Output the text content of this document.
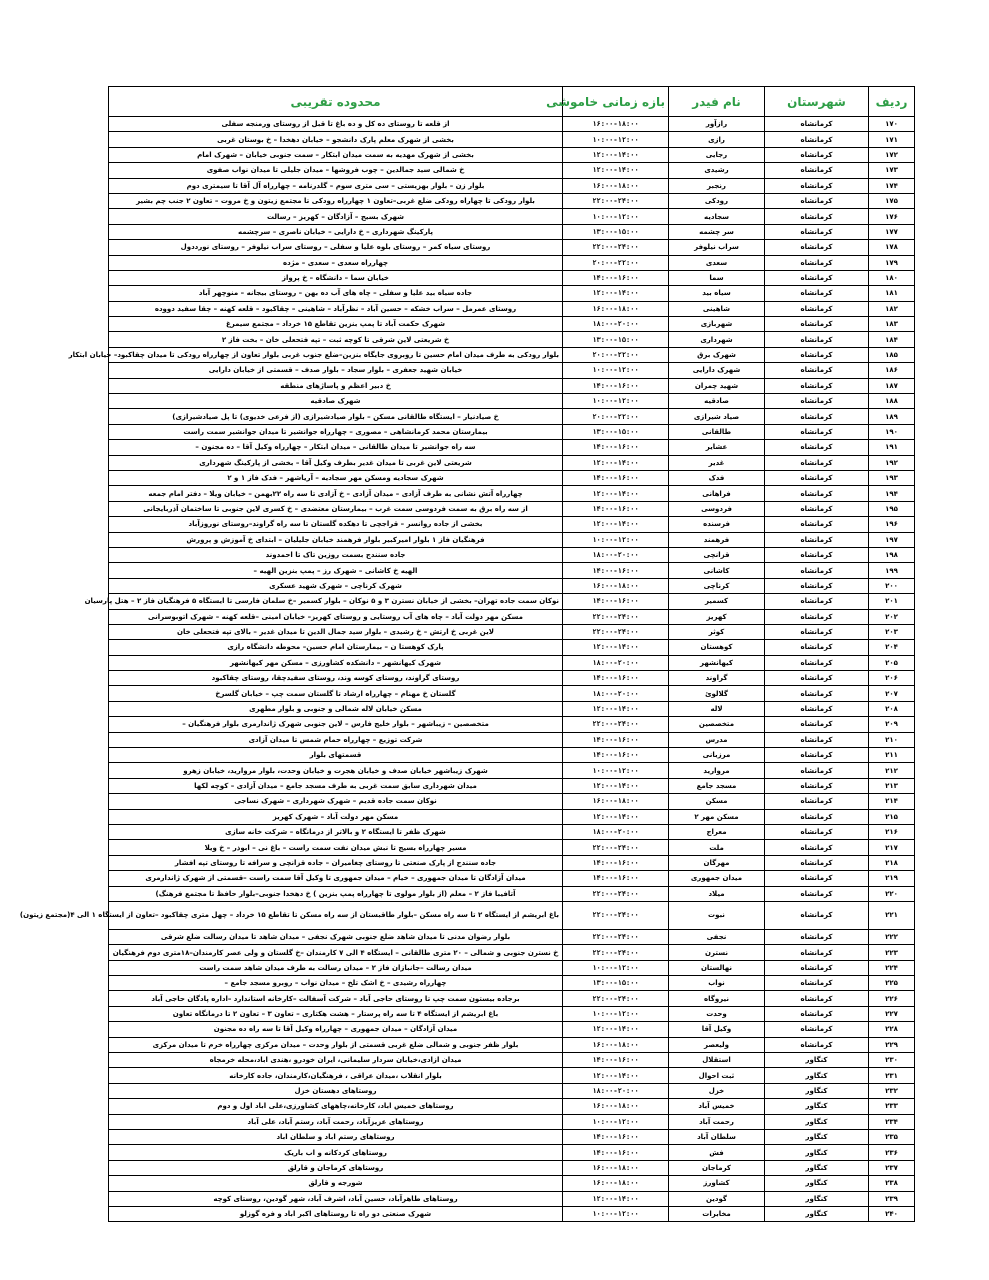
ردیف	شهرستان	نام فیدر	بازه زمانی خاموشی	محدوده تقریبی
۱۷۰	کرمانشاه	رازآور	۱۶:۰۰-۱۸:۰۰	از قلعه تا روستای ده کل و ده باغ تا قبل از روستای ورمنجه سفلی
۱۷۱	کرمانشاه	رازی	۱۰:۰۰-۱۲:۰۰	بخشی از شهرک معلم پارک دانشجو – خیابان دهخدا – خ بوستان غربی
۱۷۲	کرمانشاه	رجایی	۱۲:۰۰-۱۴:۰۰	بخشی از شهرک مهدیه به سمت میدان ابتکار – سمت جنوبی خیابان – شهرک امام
۱۷۳	کرمانشاه	رشیدی	۱۲:۰۰-۱۴:۰۰	خ شمالی سید جمالدین – چوب فروشها – میدان جلیلی تا میدان نواب صفوی
۱۷۴	کرمانشاه	رنجبر	۱۶:۰۰-۱۸:۰۰	بلوار زن – بلوار بهزیستی – سی متری سوم – گلدرنامه – چهارراه آل آقا تا سیمتری دوم
۱۷۵	کرمانشاه	رودکی	۲۲:۰۰-۲۴:۰۰	بلوار رودکی تا چهاراه رودکی ضلع غربی–تعاون ۱ چهارراه رودکی تا مجتمع زیتون و خ مروت – تعاون ۲ جنب چم بشیر
۱۷۶	کرمانشاه	سجادیه	۱۰:۰۰-۱۲:۰۰	شهرک بسیج – آزادگان – کهریز – رسالت
۱۷۷	کرمانشاه	سر چشمه	۱۳:۰۰-۱۵:۰۰	پارکینگ شهرداری – خ دارایی – خیابان ناصری – سرچشمه
۱۷۸	کرمانشاه	سراب نیلوفر	۲۲:۰۰-۲۴:۰۰	روستای سیاه کمر – روستای بلوه علیا و سفلی – روستای سراب نیلوفر – روستای نورددول
۱۷۹	کرمانشاه	سعدی	۲۰:۰۰-۲۲:۰۰	چهارراه سعدی – سعدی – مژده
۱۸۰	کرمانشاه	سما	۱۴:۰۰-۱۶:۰۰	خیابان سما – دانشگاه – خ پرواز
۱۸۱	کرمانشاه	سیاه بید	۱۲:۰۰-۱۴:۰۰	جاده سیاه بید علیا و سفلی – چاه های آب ده بهن – روستای بیجانه – منوچهر آباد
۱۸۲	کرمانشاه	شاهینی	۱۶:۰۰-۱۸:۰۰	روستای عمرمل – سراب خشکه – حسین آباد – نظرآباد – شاهینی – چقاکبود – قلعه کهنه – چقا سفید دووده
۱۸۳	کرمانشاه	شهربازی	۱۸:۰۰-۲۰:۰۰	شهرک حکمت آباد تا پمپ بنزین تقاطع ۱۵ خرداد – مجتمع سیمرغ
۱۸۴	کرمانشاه	شهرداری	۱۳:۰۰-۱۵:۰۰	خ شریعتی لاین شرقی تا کوچه ثبت – تپه فتحعلی خان – بخت فاز ۲
۱۸۵	کرمانشاه	شهرک برق	۲۰:۰۰-۲۲:۰۰	بلوار رودکی به طرف میدان امام حسین تا روبروی جایگاه بنزین–ضلع جنوب غربی بلوار تعاون از چهارراه رودکی تا میدان چقاکبود– خیابان ابتکار
۱۸۶	کرمانشاه	شهرک دارایی	۱۰:۰۰-۱۲:۰۰	خیابان شهید جعفری – بلوار سجاد – بلوار صدف – قسمتی از خیابان دارایی
۱۸۷	کرمانشاه	شهید چمران	۱۴:۰۰-۱۶:۰۰	خ دبیر اعظم و پاساژهای منطقه
۱۸۸	کرمانشاه	صادقیه	۱۰:۰۰-۱۲:۰۰	شهرک صادقیه
۱۸۹	کرمانشاه	صیاد شیرازی	۲۰:۰۰-۲۲:۰۰	خ صیادنیار – ایستگاه طالقانی مسکن – بلوار صیادشیرازی (از فرعی خدیوی) تا پل صیادشیرازی)
۱۹۰	کرمانشاه	طالقانی	۱۳:۰۰-۱۵:۰۰	بیمارستان محمد کرمانشاهی – مصوری – چهارراه جوانشیر تا میدان جوانشیر سمت راست
۱۹۱	کرمانشاه	عشایر	۱۴:۰۰-۱۶:۰۰	سه راه جوانشیر تا میدان طالقانی – میدان ابتکار – چهارراه وکیل آقا – ده مجنون –
۱۹۲	کرمانشاه	غدیر	۱۲:۰۰-۱۴:۰۰	شریعتی لاین غربی تا میدان غدیر بطرف وکیل آقا – بخشی از پارکینگ شهرداری
۱۹۳	کرمانشاه	فدک	۱۴:۰۰-۱۶:۰۰	شهرک سجادیه ومسکن مهر سجادیه – آریاشهر – فدک فاز ۱ و ۲
۱۹۴	کرمانشاه	فراهانی	۱۲:۰۰-۱۴:۰۰	چهارراه آتش نشانی به طرف آزادی – میدان آزادی – خ آزادی تا سه راه ۲۲بهمن – خیابان ویلا – دفتر امام جمعه
۱۹۵	کرمانشاه	فردوسی	۱۴:۰۰-۱۶:۰۰	از سه راه برق به سمت فردوسی سمت غرب – بیمارستان معتضدی – خ کسری لاین جنوبی تا ساختمان آذربایجانی
۱۹۶	کرمانشاه	فرسنده	۱۲:۰۰-۱۴:۰۰	بخشی از جاده روانسر – قراجچی تا دهکده گلستان تا سه راه گراوند–روستای نوروزآباد
۱۹۷	کرمانشاه	فرهمند	۱۰:۰۰-۱۲:۰۰	فرهنگیان فاز ۱ بلوار امیرکبیر بلوار فرهمند خیابان جلیلیان – ابتدای خ آموزش و پرورش
۱۹۸	کرمانشاه	قزانچی	۱۸:۰۰-۲۰:۰۰	جاده سنندج بسمت روزین تاک تا احمدوند
۱۹۹	کرمانشاه	کاشانی	۱۴:۰۰-۱۶:۰۰	الهیه خ کاشانی – شهرک رز – پمپ بنزین الهیه –
۲۰۰	کرمانشاه	کرناچی	۱۶:۰۰-۱۸:۰۰	شهرک کرناچی – شهرک شهید عسکری
۲۰۱	کرمانشاه	کسمیر	۱۴:۰۰-۱۶:۰۰	نوکان سمت جاده تهران– بخشی از خیابان نسترن ۳ و ۵ نوکان – بلوار کسمیر –خ سلمان فارسی تا ایستگاه ۵ فرهنگیان فاز ۲ – هتل پارسیان
۲۰۲	کرمانشاه	کهریز	۲۲:۰۰-۲۴:۰۰	مسکن مهر دولت آباد – چاه های آب روستایی و روستای کهریز– خیابان امینی –قلعه کهنه – شهرک اتوبوسرانی
۲۰۳	کرمانشاه	کوثر	۲۲:۰۰-۲۴:۰۰	لاین غربی خ ارتش – خ رشیدی – بلوار سید جمال الدین تا میدان غدیر – بالای تپه فتحعلی خان
۲۰۴	کرمانشاه	کوهستان	۱۲:۰۰-۱۴:۰۰	پارک کوهستا ن – بیمارستان امام حسین– محوطه دانشگاه رازی
۲۰۵	کرمانشاه	کیهانشهر	۱۸:۰۰-۲۰:۰۰	شهرک کیهانشهر – دانشکده کشاورزی – مسکن مهر کیهانشهر
۲۰۶	کرمانشاه	گراوند	۱۴:۰۰-۱۶:۰۰	روستای گراوند، روستای کوسه وند، روستای سفیدچقا، روستای چقاکبود
۲۰۷	کرمانشاه	گلالوئ	۱۸:۰۰-۲۰:۰۰	گلستان خ مهنام – چهارراه ارشاد تا گلستان سمت چپ – خیابان گلسرخ
۲۰۸	کرمانشاه	لاله	۱۲:۰۰-۱۴:۰۰	مسکن خیابان لاله شمالی و جنوبی و بلوار مطهری
۲۰۹	کرمانشاه	متخصصین	۲۲:۰۰-۲۴:۰۰	متخصصین – زیباشهر – بلوار خلیج فارس – لاین جنوبی شهرک ژاندارمری بلوار فرهنگیان –
۲۱۰	کرمانشاه	مدرس	۱۴:۰۰-۱۶:۰۰	شرکت توزیع – چهارراه حمام شمس تا میدان آزادی
۲۱۱	کرمانشاه	مرزبانی	۱۴:۰۰-۱۶:۰۰	قسمتهای بلوار
۲۱۲	کرمانشاه	مروارید	۱۰:۰۰-۱۲:۰۰	شهرک زیباشهر خیابان صدف و خیابان هجرت و خیابان وحدت، بلوار مروارید، خیابان زهرو
۲۱۳	کرمانشاه	مسجد جامع	۱۲:۰۰-۱۴:۰۰	میدان شهرداری سابق سمت غربی به طرف مسجد جامع – میدان آزادی – کوچه لکها
۲۱۴	کرمانشاه	مسکن	۱۶:۰۰-۱۸:۰۰	نوکان سمت جاده قدیم – شهرک شهرداری – شهرک نساجی
۲۱۵	کرمانشاه	مسکن مهر ۲	۱۲:۰۰-۱۴:۰۰	مسکن مهر دولت آباد – شهرک کهریز
۲۱۶	کرمانشاه	معراج	۱۸:۰۰-۲۰:۰۰	شهرک ظفر تا ایستگاه ۲ و بالاتر از درمانگاه – شرکت خانه سازی
۲۱۷	کرمانشاه	ملت	۲۲:۰۰-۲۴:۰۰	مسیر چهارراه بسیج تا نبش میدان نفت سمت راست – باغ نی – ابوذر – خ ویلا
۲۱۸	کرمانشاه	مهرگان	۱۴:۰۰-۱۶:۰۰	جاده سنندج از پارک صنعتی تا روستای چغامیران – جاده قزانچی و سرافه تا روستای تپه افشار
۲۱۹	کرمانشاه	میدان جمهوری	۱۴:۰۰-۱۶:۰۰	میدان آزادگان تا میدان جمهوری – خیام – میدان جمهوری تا وکیل آقا سمت راست –قسمتی از شهرک ژاندارمری
۲۲۰	کرمانشاه	میلاد	۲۲:۰۰-۲۴:۰۰	آتافیبا فاز ۲ – معلم (از بلوار مولوی تا چهارراه پمپ بنزین ) خ دهخدا جنوبی–بلوار حافظ تا مجتمع فرهنگ)
۲۲۱	کرمانشاه	نبوت	۲۲:۰۰-۲۴:۰۰	باغ ابریشم از ایستگاه ۲ تا سه راه مسکن –بلوار طاقبستان از سه راه مسکن تا تقاطع ۱۵ خرداد – چهل متری چقاکبود –تعاون از ایستگاه ۱ الی ۴(مجتمع زیتون)
۲۲۲	کرمانشاه	نجفی	۲۲:۰۰-۲۴:۰۰	بلوار رضوان مدنی تا میدان شاهد ضلع جنوبی شهرک نجفی – میدان شاهد تا میدان رسالت ضلع شرقی
۲۲۳	کرمانشاه	نسترن	۲۲:۰۰-۲۴:۰۰	خ نسترن جنوبی و شمالی – ۲۰ متری طالقانی – ایستگاه ۴ الی ۷ کارمندان –خ گلستان و ولی عصر کارمندان–۱۸متری دوم فرهنگیان
۲۲۴	کرمانشاه	نهالستان	۱۰:۰۰-۱۲:۰۰	میدان رسالت –جانبازان فاز ۲ – میدان رسالت به طرف میدان شاهد سمت راست
۲۲۵	کرمانشاه	نواب	۱۳:۰۰-۱۵:۰۰	چهارراه رشیدی – خ اشک تلخ – میدان نواب – روبرو مسجد جامع –
۲۲۶	کرمانشاه	نیروگاه	۲۲:۰۰-۲۴:۰۰	برجاده بیستون سمت چپ تا روستای حاجی آباد – شرکت آسفالت –کارخانه استاندارد –اداره پادگان حاجی آباد
۲۲۷	کرمانشاه	وحدت	۱۰:۰۰-۱۲:۰۰	باغ ابریشم از ایستگاه ۴ تا سه راه پرستار – هشت هکتاری – تعاون ۳ – تعاون ۲ تا درمانگاه تعاون
۲۲۸	کرمانشاه	وکیل آقا	۱۲:۰۰-۱۴:۰۰	میدان آزادگان – میدان جمهوری – چهارراه وکیل آقا تا سه راه ده مجنون
۲۲۹	کرمانشاه	ولیعصر	۱۶:۰۰-۱۸:۰۰	بلوار ظفر جنوبی و شمالی ضلع غربی قسمتی از بلوار وحدت – میدان مرکزی چهارراه خرم تا میدان مرکزی
۲۳۰	کنگاور	استقلال	۱۴:۰۰-۱۶:۰۰	میدان ازادی،خیابان سردار سلیمانی، ایران خودرو ،هندی اباد،محله خرمجاه
۲۳۱	کنگاور	ثبت احوال	۱۲:۰۰-۱۴:۰۰	بلوار انقلاب ،میدان عراقی ، فرهنگیان،کارمندان، جاده کارخانه
۲۳۲	کنگاور	خزل	۱۸:۰۰-۲۰:۰۰	روستاهای دهستان خزل
۲۳۳	کنگاور	خمیس آباد	۱۶:۰۰-۱۸:۰۰	روستاهای خمیس اباد، کارخانه،چاههای کشاورزی،علی اباد اول و دوم
۲۳۴	کنگاور	رحمت آباد	۱۰:۰۰-۱۲:۰۰	روستاهای عزیزآباد، رحمت آباد، رستم آباد، علی آباد
۲۳۵	کنگاور	سلطان آباد	۱۴:۰۰-۱۶:۰۰	روستاهای رستم اباد و سلطان اباد
۲۳۶	کنگاور	فش	۱۴:۰۰-۱۶:۰۰	روستاهای کردکانه و اب باریک
۲۳۷	کنگاور	کرماجان	۱۶:۰۰-۱۸:۰۰	روستاهای کرماجان و قارلق
۲۳۸	کنگاور	کشاورز	۱۶:۰۰-۱۸:۰۰	شورجه و قارلق
۲۳۹	کنگاور	گودین	۱۲:۰۰-۱۴:۰۰	روستاهای طاهرآباد، حسین آباد، اشرف آباد، شهر گودین، روستای کوچه
۲۴۰	کنگاور	مخابرات	۱۰:۰۰-۱۲:۰۰	شهرک صنعتی دو راه تا روستاهای اکبر اباد و فره گوزلو
